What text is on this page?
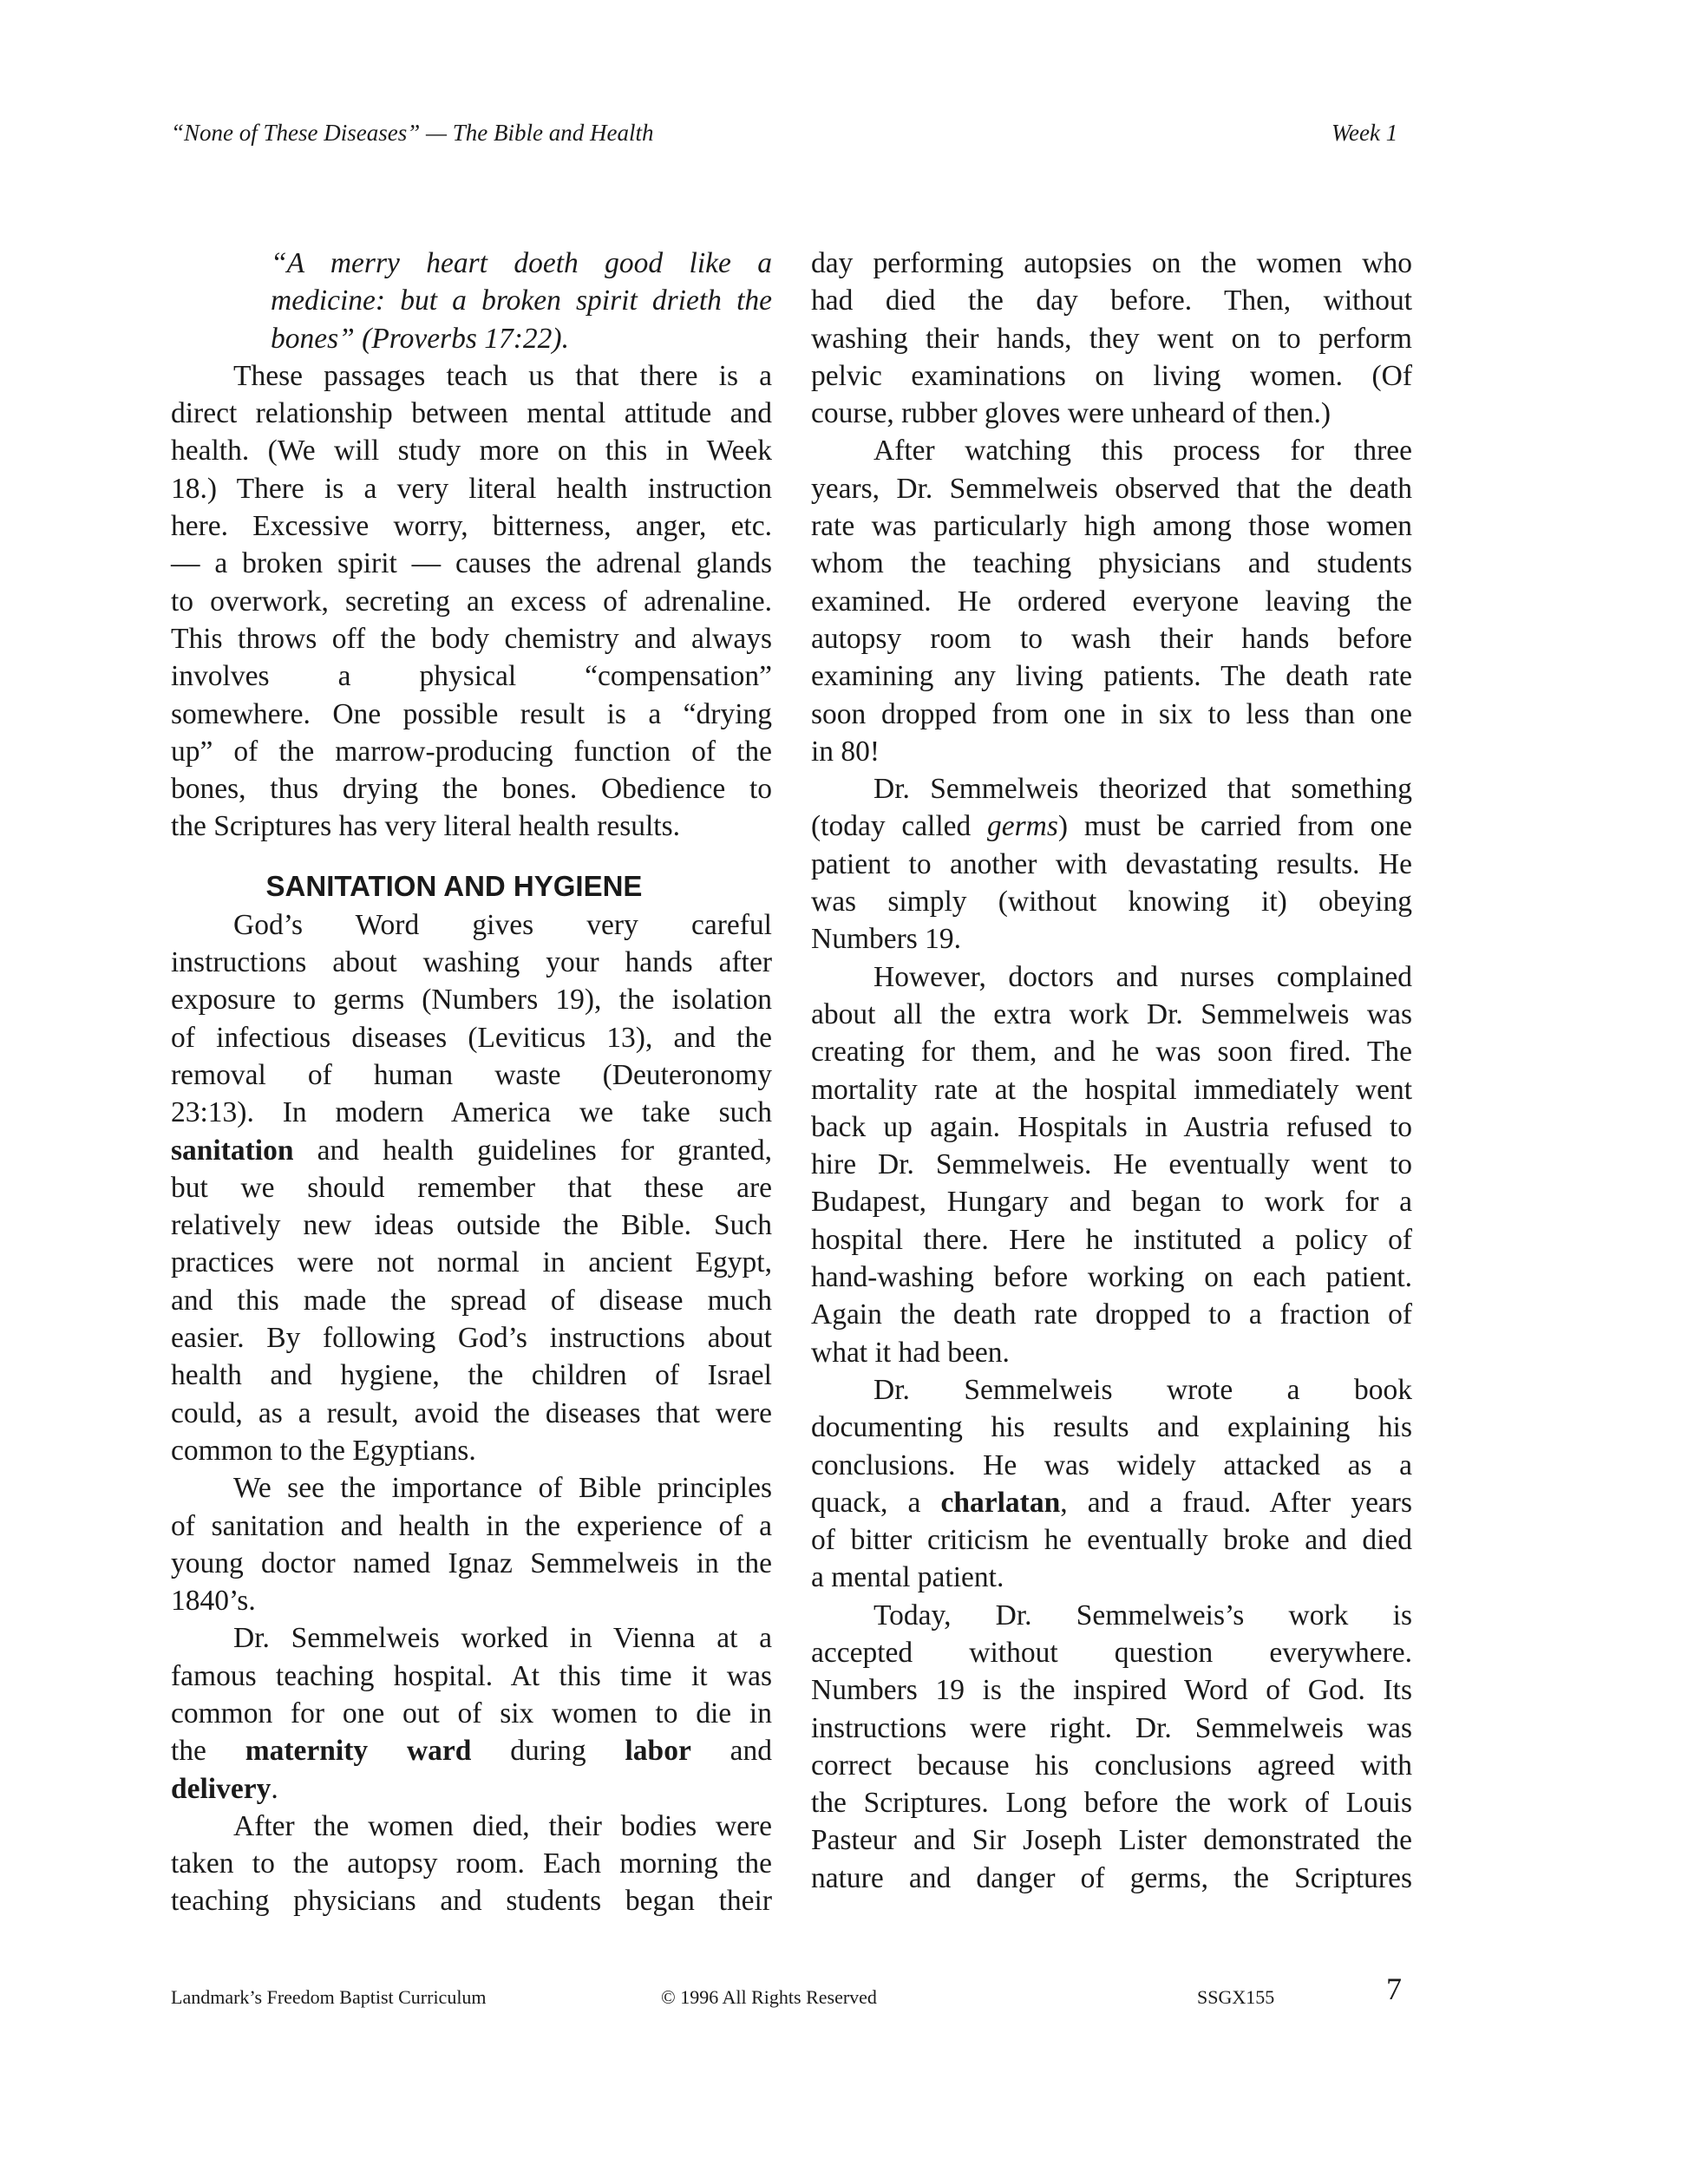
“None of These Diseases” — The Bible and Health	Week 1
“A merry heart doeth good like a
medicine: but a broken spirit drieth the
bones” (Proverbs 17:22).
These passages teach us that there is a
direct relationship between mental attitude and
health. (We will study more on this in Week
18.) There is a very literal health instruction
here. Excessive worry, bitterness, anger, etc.
— a broken spirit — causes the adrenal glands
to overwork, secreting an excess of adrenaline.
This throws off the body chemistry and always
involves a physical “compensation”
somewhere. One possible result is a “drying
up” of the marrow-producing function of the
bones, thus drying the bones. Obedience to
the Scriptures has very literal health results.
SANITATION AND HYGIENE
God’s Word gives very careful
instructions about washing your hands after
exposure to germs (Numbers 19), the isolation
of infectious diseases (Leviticus 13), and the
removal of human waste (Deuteronomy
23:13). In modern America we take such
sanitation and health guidelines for granted,
but we should remember that these are
relatively new ideas outside the Bible. Such
practices were not normal in ancient Egypt,
and this made the spread of disease much
easier. By following God’s instructions about
health and hygiene, the children of Israel
could, as a result, avoid the diseases that were
common to the Egyptians.
We see the importance of Bible principles
of sanitation and health in the experience of a
young doctor named Ignaz Semmelweis in the
1840’s.
Dr. Semmelweis worked in Vienna at a
famous teaching hospital. At this time it was
common for one out of six women to die in
the maternity ward during labor and
delivery.
After the women died, their bodies were
taken to the autopsy room. Each morning the
teaching physicians and students began their
day performing autopsies on the women who
had died the day before. Then, without
washing their hands, they went on to perform
pelvic examinations on living women. (Of
course, rubber gloves were unheard of then.)
After watching this process for three
years, Dr. Semmelweis observed that the death
rate was particularly high among those women
whom the teaching physicians and students
examined. He ordered everyone leaving the
autopsy room to wash their hands before
examining any living patients. The death rate
soon dropped from one in six to less than one
in 80!
Dr. Semmelweis theorized that something
(today called germs) must be carried from one
patient to another with devastating results. He
was simply (without knowing it) obeying
Numbers 19.
However, doctors and nurses complained
about all the extra work Dr. Semmelweis was
creating for them, and he was soon fired. The
mortality rate at the hospital immediately went
back up again. Hospitals in Austria refused to
hire Dr. Semmelweis. He eventually went to
Budapest, Hungary and began to work for a
hospital there. Here he instituted a policy of
hand-washing before working on each patient.
Again the death rate dropped to a fraction of
what it had been.
Dr. Semmelweis wrote a book
documenting his results and explaining his
conclusions. He was widely attacked as a
quack, a charlatan, and a fraud. After years
of bitter criticism he eventually broke and died
a mental patient.
Today, Dr. Semmelweis’s work is
accepted without question everywhere.
Numbers 19 is the inspired Word of God. Its
instructions were right. Dr. Semmelweis was
correct because his conclusions agreed with
the Scriptures. Long before the work of Louis
Pasteur and Sir Joseph Lister demonstrated the
nature and danger of germs, the Scriptures
Landmark’s Freedom Baptist Curriculum	© 1996 All Rights Reserved	SSGX155	7
